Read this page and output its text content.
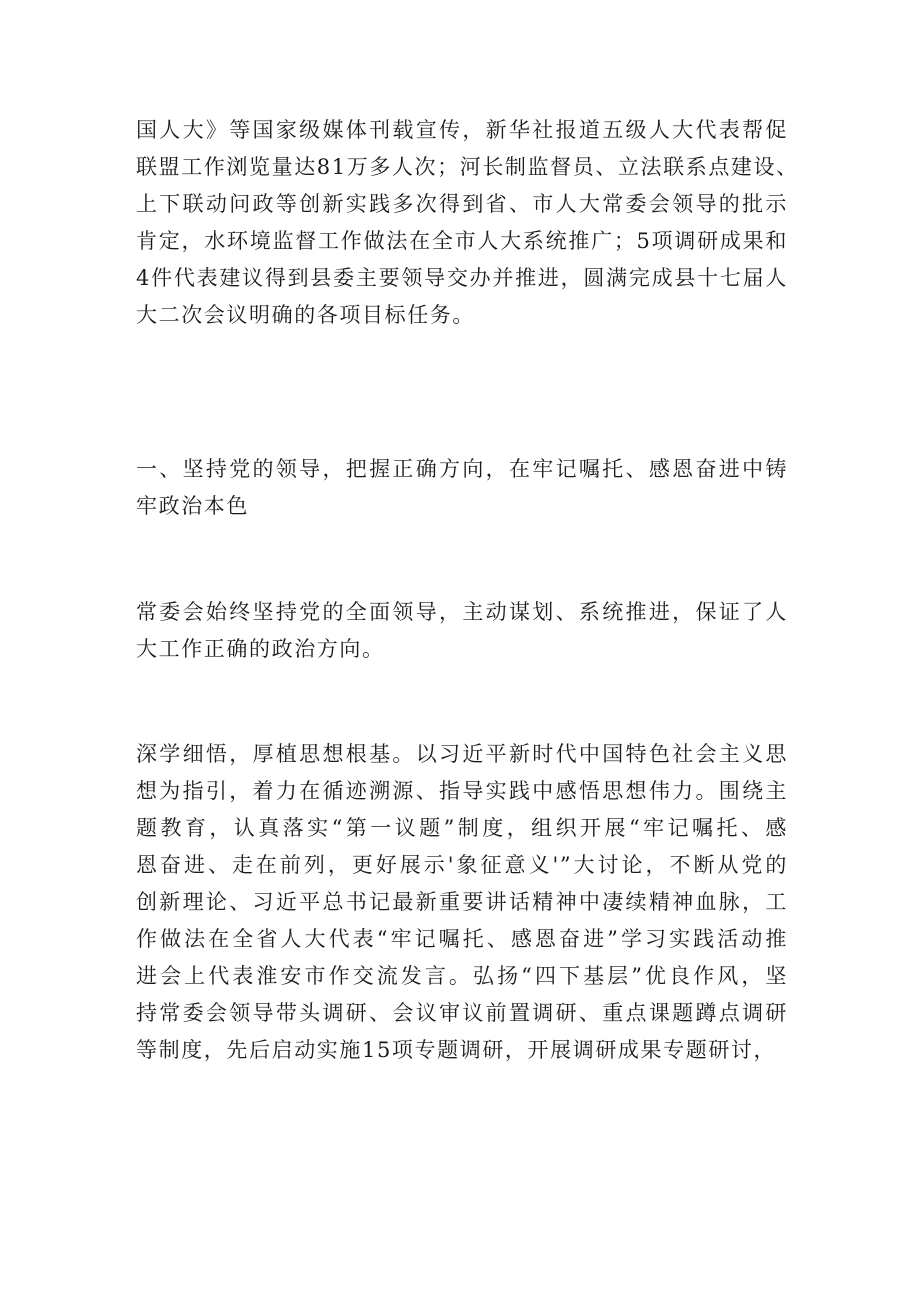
国人大》等国家级媒体刊载宣传，新华社报道五级人大代表帮促

联盟工作浏览量达81万多人次；河长制监督员、立法联系点建设、

上下联动问政等创新实践多次得到省、市人大常委会领导的批示

肯定，水环境监督工作做法在全市人大系统推广；5项调研成果和

4件代表建议得到县委主要领导交办并推进，圆满完成县十七届人

大二次会议明确的各项目标任务。

一、坚持党的领导，把握正确方向，在牢记嘱托、感恩奋进中铸

牢政治本色

常委会始终坚持党的全面领导，主动谋划、系统推进，保证了人

大工作正确的政治方向。

深学细悟，厚植思想根基。以习近平新时代中国特色社会主义思

想为指引，着力在循迹溯源、指导实践中感悟思想伟力。围绕主

题教育，认真落实“第一议题”制度，组织开展“牢记嘱托、感

恩奋进、走在前列，更好展示'象征意义'”大讨论，不断从党的

创新理论、习近平总书记最新重要讲话精神中凄续精神血脉，工

作做法在全省人大代表“牢记嘱托、感恩奋进”学习实践活动推

进会上代表淮安市作交流发言。弘扬“四下基层”优良作风，坚

持常委会领导带头调研、会议审议前置调研、重点课题蹲点调研

等制度，先后启动实施15项专题调研，开展调研成果专题研讨，
